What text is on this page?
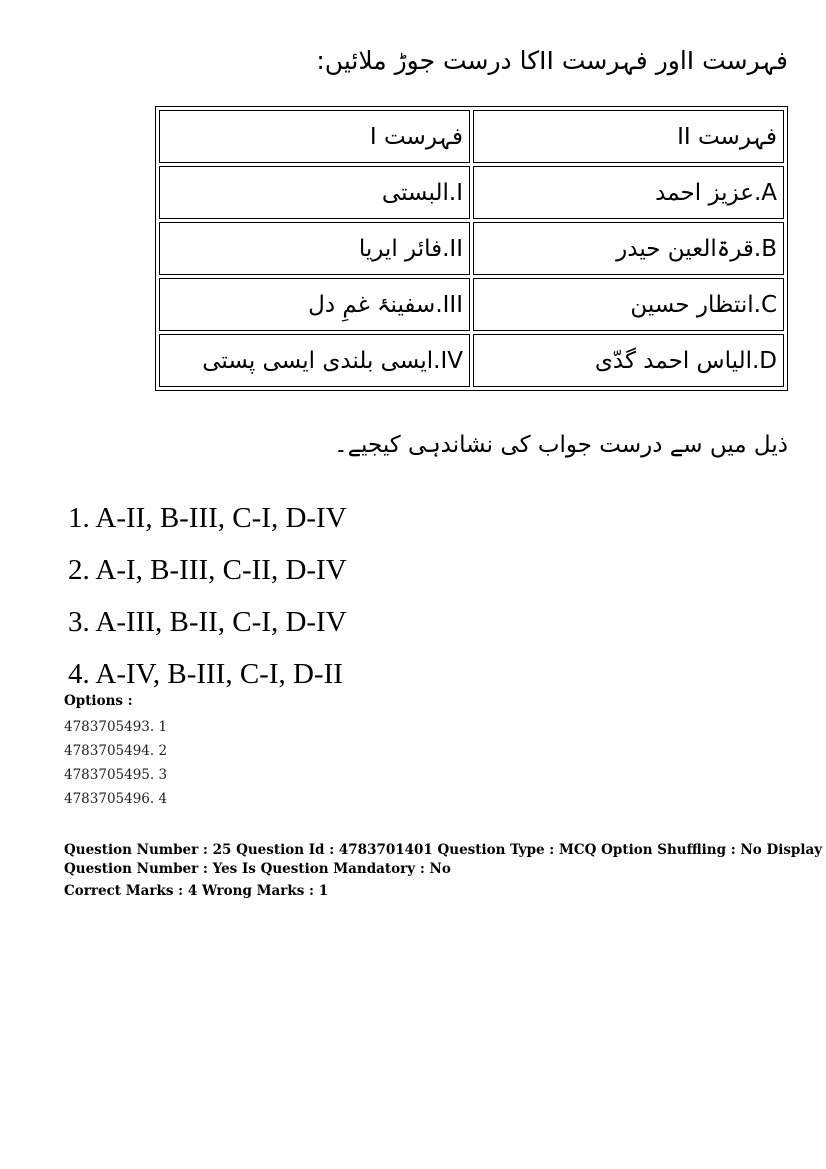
فہرست Iاور فہرست IIکا درست جوڑ ملائیں:
فہرست I	فہرست II
I.البستی	A.عزیز احمد
II.فائر ایریا	B.قرۃالعین حیدر
III.سفینۂ غمِ دل	C.انتظار حسین
IV.ایسی بلندی ایسی پستی	D.الیاس احمد گدّی
ذیل میں سے درست جواب کی نشاندہی کیجیے۔
1. A-II, B-III, C-I, D-IV
2. A-I, B-III, C-II, D-IV
3. A-III, B-II, C-I, D-IV
4. A-IV, B-III, C-I, D-II
Options :
4783705493. 1
4783705494. 2
4783705495. 3
4783705496. 4
Question Number : 25 Question Id : 4783701401 Question Type : MCQ Option Shuffling : No Display
Question Number : Yes Is Question Mandatory : No
Correct Marks : 4 Wrong Marks : 1
